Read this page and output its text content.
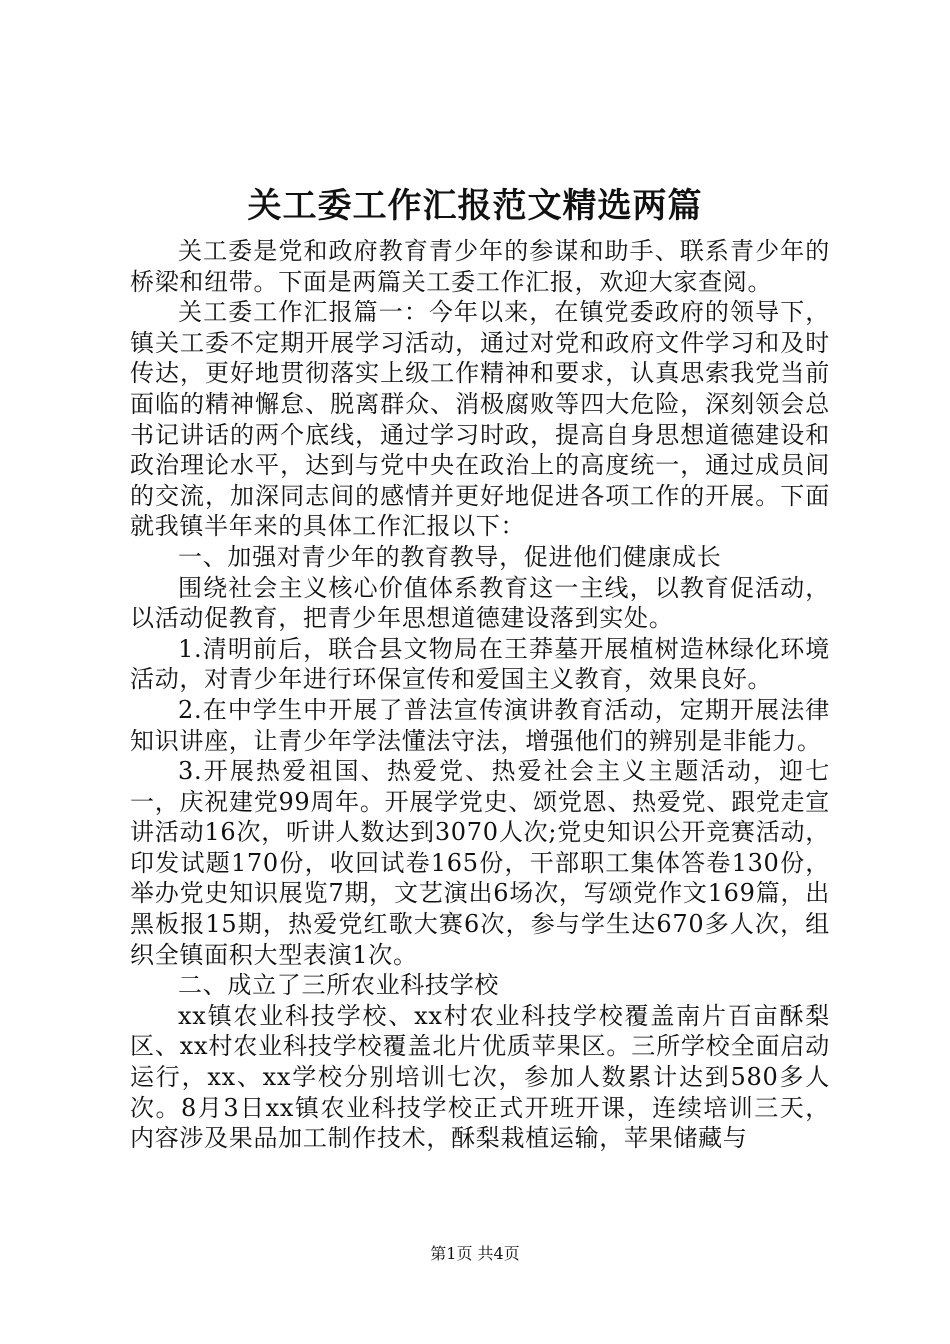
关工委工作汇报范文精选两篇

关工委是党和政府教育青少年的参谋和助手、联系青少年的桥梁和纽带。下面是两篇关工委工作汇报，欢迎大家查阅。

关工委工作汇报篇一：今年以来，在镇党委政府的领导下，镇关工委不定期开展学习活动，通过对党和政府文件学习和及时传达，更好地贯彻落实上级工作精神和要求，认真思索我党当前面临的精神懈怠、脱离群众、消极腐败等四大危险，深刻领会总书记讲话的两个底线，通过学习时政，提高自身思想道德建设和政治理论水平，达到与党中央在政治上的高度统一，通过成员间的交流，加深同志间的感情并更好地促进各项工作的开展。下面就我镇半年来的具体工作汇报以下：

一、加强对青少年的教育教导，促进他们健康成长

围绕社会主义核心价值体系教育这一主线，以教育促活动，以活动促教育，把青少年思想道德建设落到实处。

1.清明前后，联合县文物局在王莽墓开展植树造林绿化环境活动，对青少年进行环保宣传和爱国主义教育，效果良好。

2.在中学生中开展了普法宣传演讲教育活动，定期开展法律知识讲座，让青少年学法懂法守法，增强他们的辨别是非能力。

3.开展热爱祖国、热爱党、热爱社会主义主题活动，迎七一，庆祝建党99周年。开展学党史、颂党恩、热爱党、跟党走宣讲活动16次，听讲人数达到3070人次;党史知识公开竞赛活动，印发试题170份，收回试卷165份，干部职工集体答卷130份，举办党史知识展览7期，文艺演出6场次，写颂党作文169篇，出黑板报15期，热爱党红歌大赛6次，参与学生达670多人次，组织全镇面积大型表演1次。

二、成立了三所农业科技学校

xx镇农业科技学校、xx村农业科技学校覆盖南片百亩酥梨区、xx村农业科技学校覆盖北片优质苹果区。三所学校全面启动运行，xx、xx学校分别培训七次，参加人数累计达到580多人次。8月3日xx镇农业科技学校正式开班开课，连续培训三天，内容涉及果品加工制作技术，酥梨栽植运输，苹果储藏与

第1页 共4页
